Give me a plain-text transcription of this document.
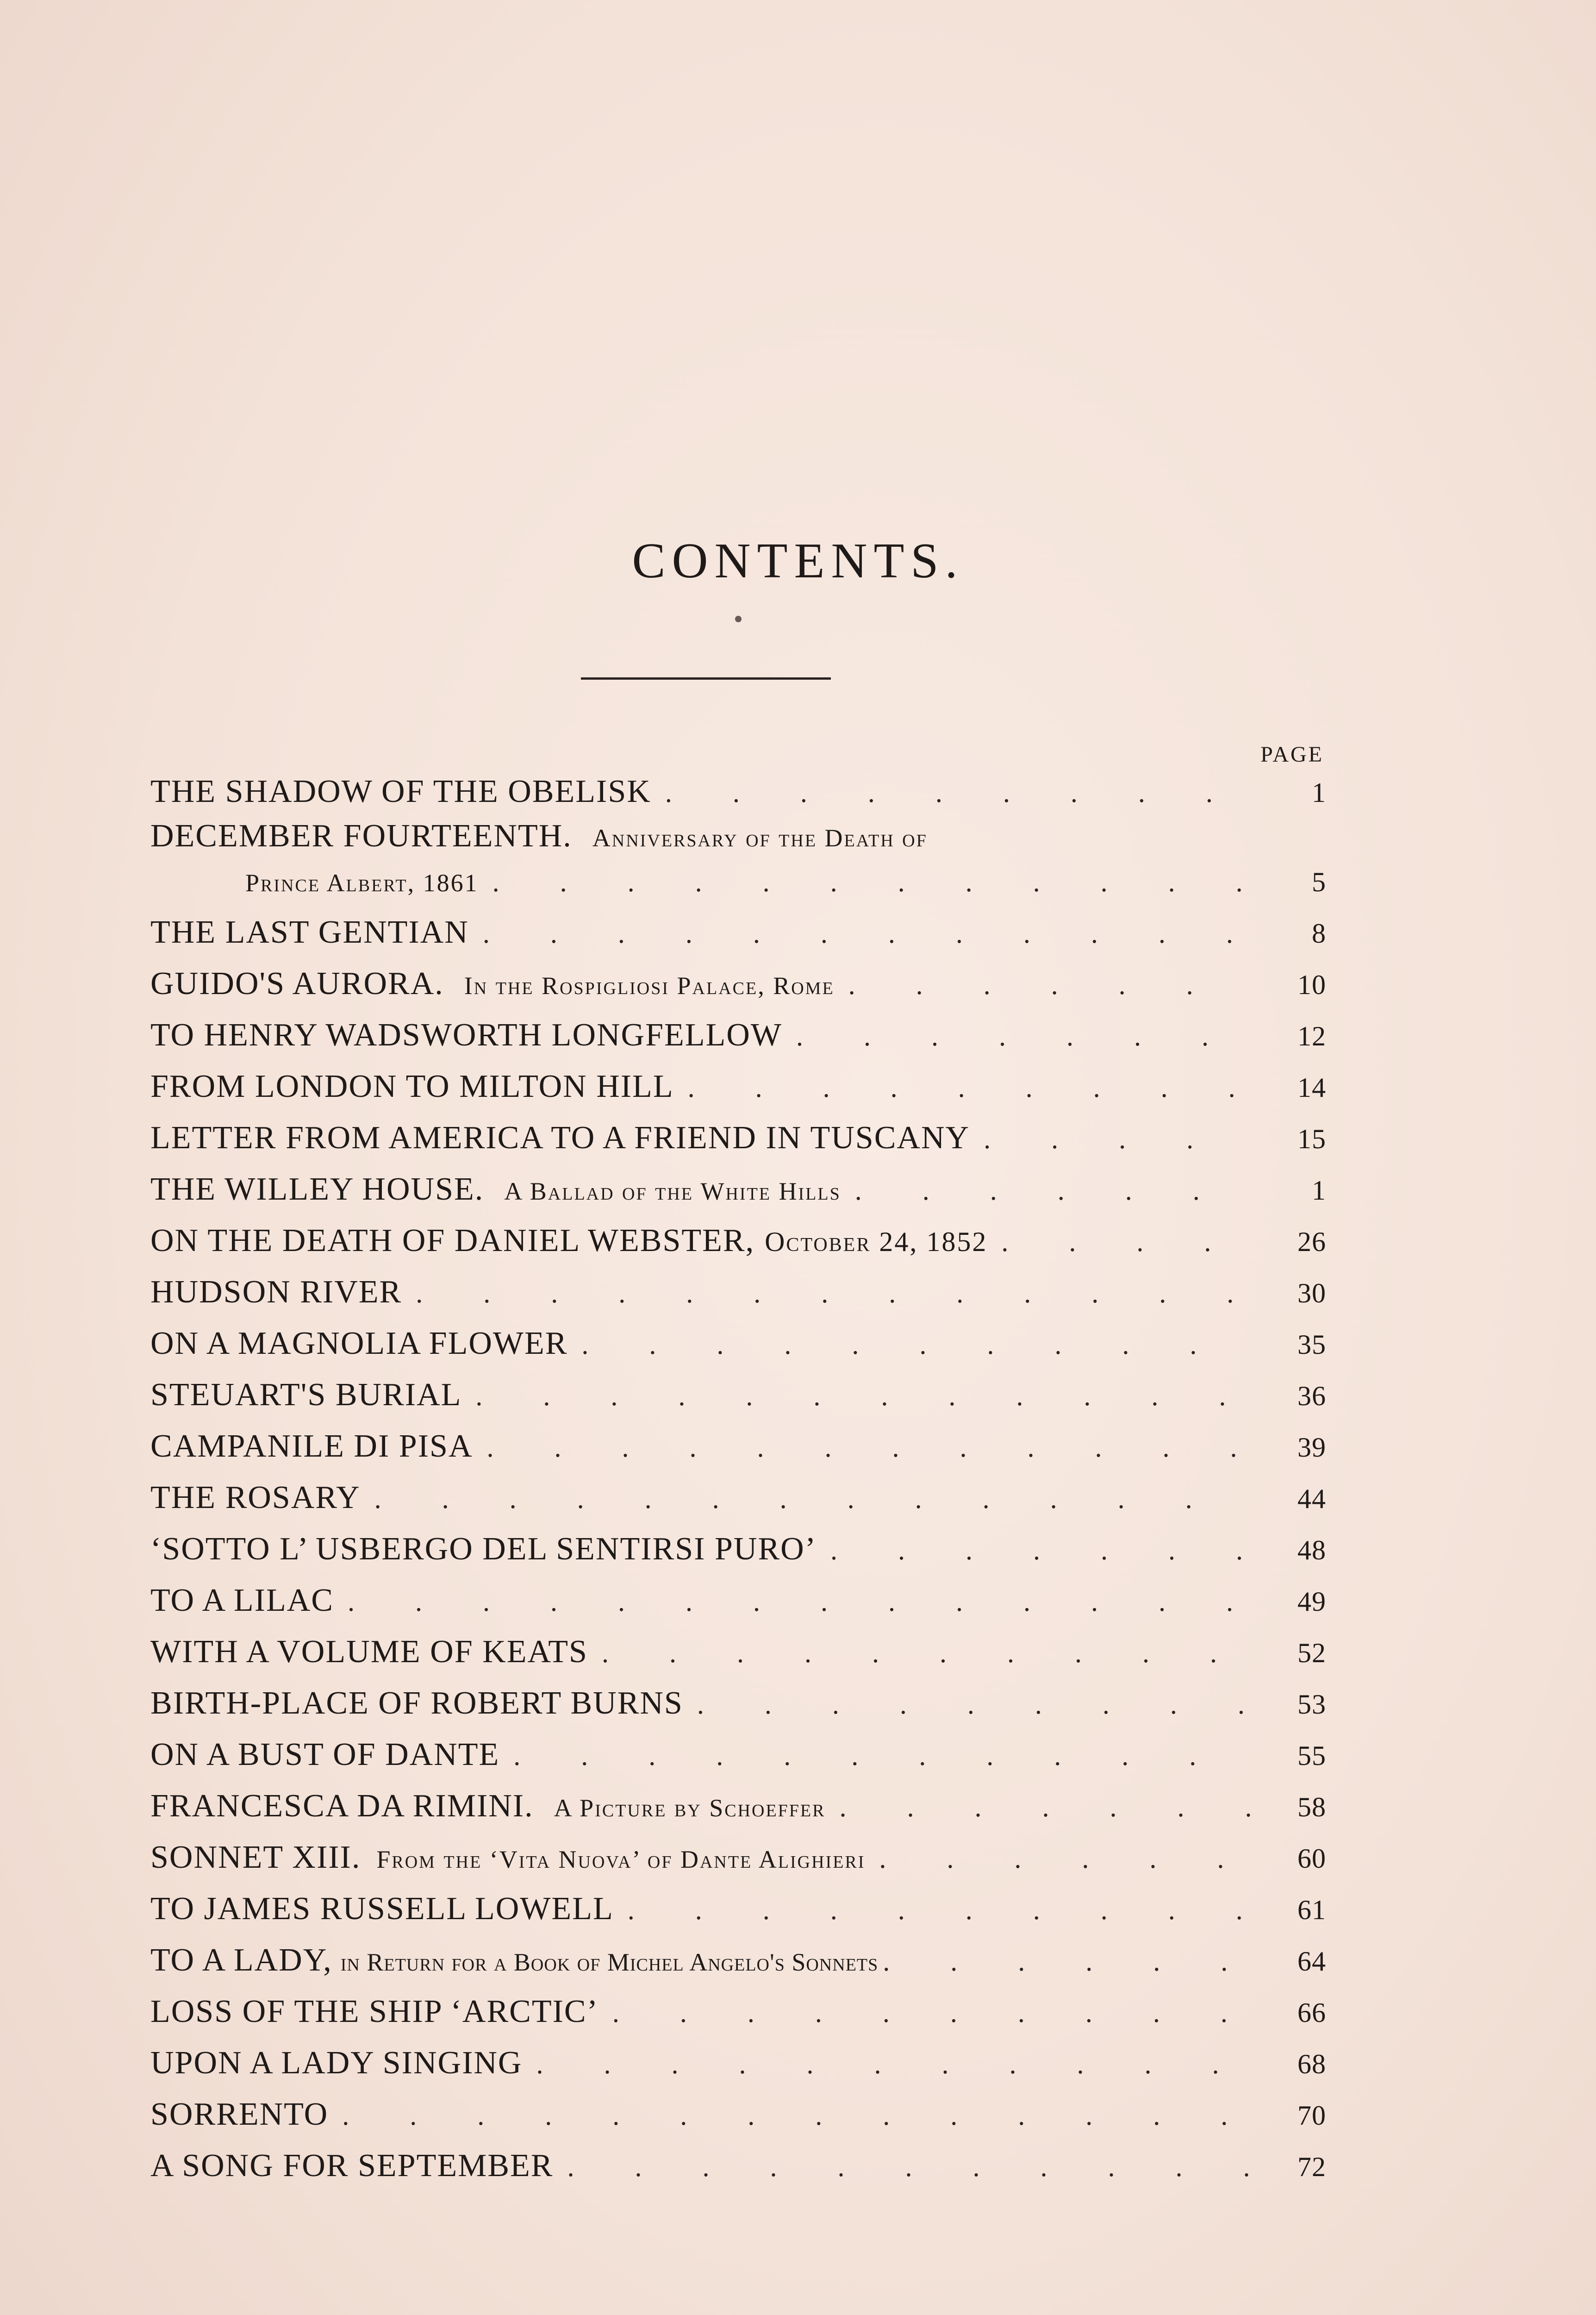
CONTENTS.
PAGE
THE SHADOW OF THE OBELISK . . .	1
DECEMBER FOURTEENTH. Anniversary of the Death of
Prince Albert, 1861 . . .	5
THE LAST GENTIAN . . .	8
GUIDO'S AURORA. In the Rospigliosi Palace, Rome . . .	10
TO HENRY WADSWORTH LONGFELLOW . . .	12
FROM LONDON TO MILTON HILL . . .	14
LETTER FROM AMERICA TO A FRIEND IN TUSCANY . . .	15
THE WILLEY HOUSE. A Ballad of the White Hills . . .	1
ON THE DEATH OF DANIEL WEBSTER, October 24, 1852 . . .	26
HUDSON RIVER . . .	30
ON A MAGNOLIA FLOWER . . .	35
STEUART'S BURIAL . . .	36
CAMPANILE DI PISA . . .	39
THE ROSARY . . .	44
‘SOTTO L’ USBERGO DEL SENTIRSI PURO’ . . .	48
TO A LILAC . . .	49
WITH A VOLUME OF KEATS . . .	52
BIRTH-PLACE OF ROBERT BURNS . . .	53
ON A BUST OF DANTE . . .	55
FRANCESCA DA RIMINI. A Picture by Schoeffer . . .	58
SONNET XIII. From the ‘Vita Nuova’ of Dante Alighieri . . .	60
TO JAMES RUSSELL LOWELL . . .	61
TO A LADY, in Return for a Book of Michel Angelo's Sonnets . . .	64
LOSS OF THE SHIP ‘ARCTIC’ . . .	66
UPON A LADY SINGING . . .	68
SORRENTO . . .	70
A SONG FOR SEPTEMBER . . .	72
